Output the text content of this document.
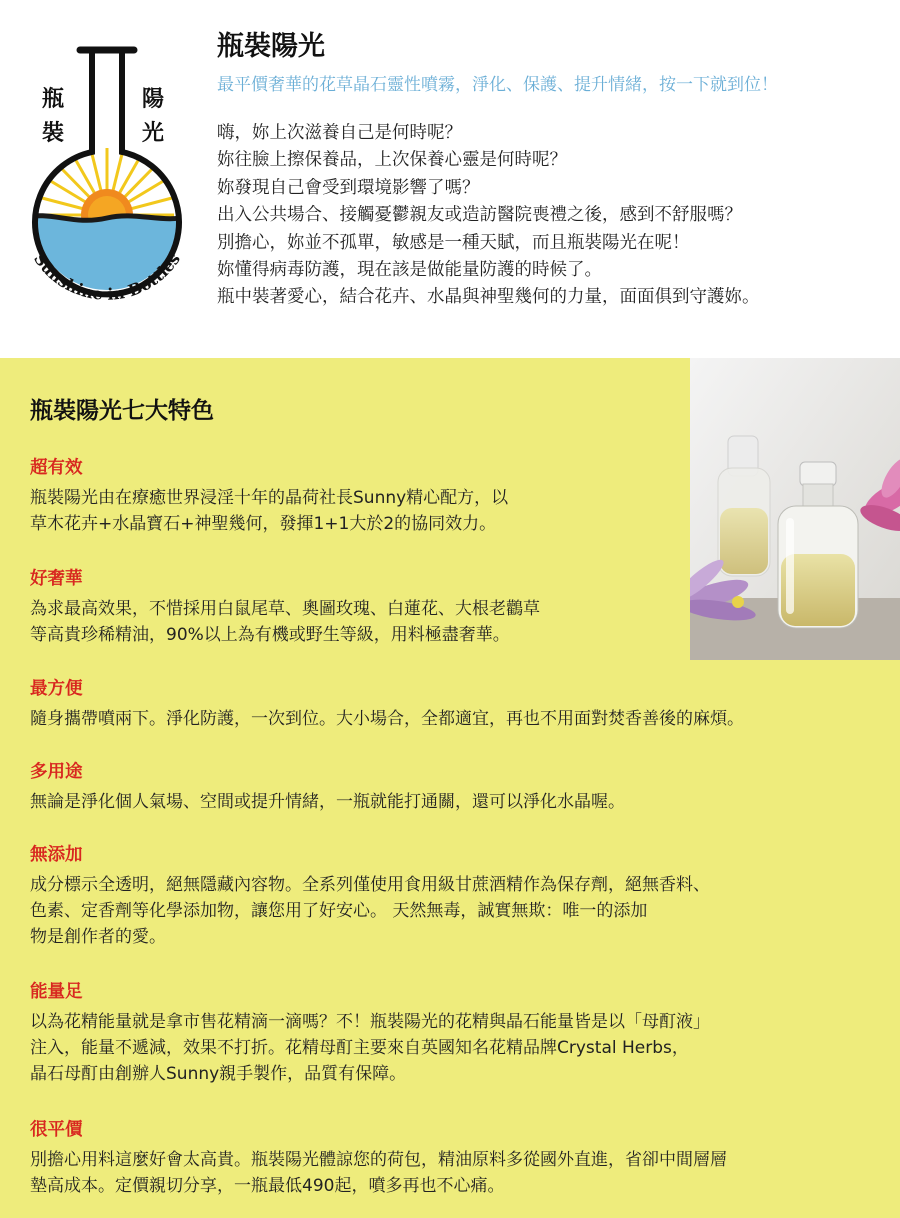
瓶
裝
陽
光
Sunshine in Bottles
瓶裝陽光

最平價奢華的花草晶石靈性噴霧，淨化、保護、提升情緒，按一下就到位！

嗨，妳上次滋養自己是何時呢？
妳往臉上擦保養品，上次保養心靈是何時呢？
妳發現自己會受到環境影響了嗎？
出入公共場合、接觸憂鬱親友或造訪醫院喪禮之後，感到不舒服嗎？
別擔心，妳並不孤單，敏感是一種天賦，而且瓶裝陽光在呢！
妳懂得病毒防護，現在該是做能量防護的時候了。
瓶中裝著愛心，結合花卉、水晶與神聖幾何的力量，面面俱到守護妳。
瓶裝陽光七大特色

超有效

瓶裝陽光由在療癒世界浸淫十年的晶荷社長Sunny精心配方，以

草木花卉+水晶寶石+神聖幾何，發揮1+1大於2的協同效力。

好奢華

為求最高效果，不惜採用白鼠尾草、奧圖玫瑰、白蓮花、大根老鸛草

等高貴珍稀精油，90%以上為有機或野生等級，用料極盡奢華。

最方便

隨身攜帶噴兩下。淨化防護，一次到位。大小場合，全都適宜，再也不用面對焚香善後的麻煩。

多用途

無論是淨化個人氣場、空間或提升情緒，一瓶就能打通關，還可以淨化水晶喔。

無添加

成分標示全透明，絕無隱藏內容物。全系列僅使用食用級甘蔗酒精作為保存劑，絕無香料、

色素、定香劑等化學添加物，讓您用了好安心。 天然無毒，誠實無欺：唯一的添加

物是創作者的愛。

能量足

以為花精能量就是拿市售花精滴一滴嗎？不！瓶裝陽光的花精與晶石能量皆是以「母酊液」

注入，能量不遞減，效果不打折。花精母酊主要來自英國知名花精品牌Crystal Herbs，

晶石母酊由創辦人Sunny親手製作，品質有保障。

很平價

別擔心用料這麼好會太高貴。瓶裝陽光體諒您的荷包，精油原料多從國外直進，省卻中間層層

墊高成本。定價親切分享，一瓶最低490起，噴多再也不心痛。
